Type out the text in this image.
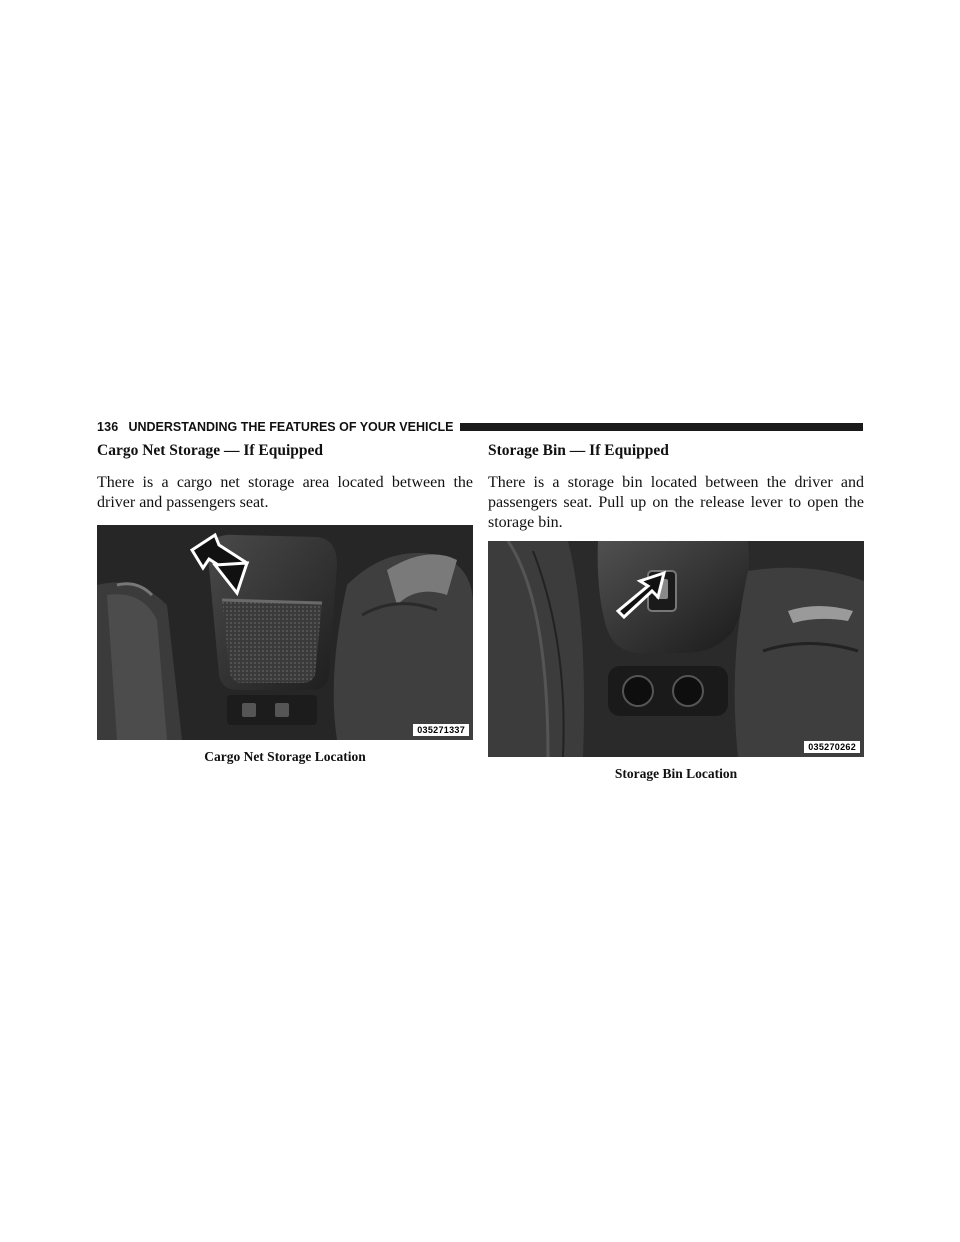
136 UNDERSTANDING THE FEATURES OF YOUR VEHICLE
Cargo Net Storage — If Equipped

There is a cargo net storage area located between the driver and passengers seat.

035271337
Cargo Net Storage Location
Storage Bin — If Equipped

There is a storage bin located between the driver and passengers seat. Pull up on the release lever to open the storage bin.

035270262
Storage Bin Location
